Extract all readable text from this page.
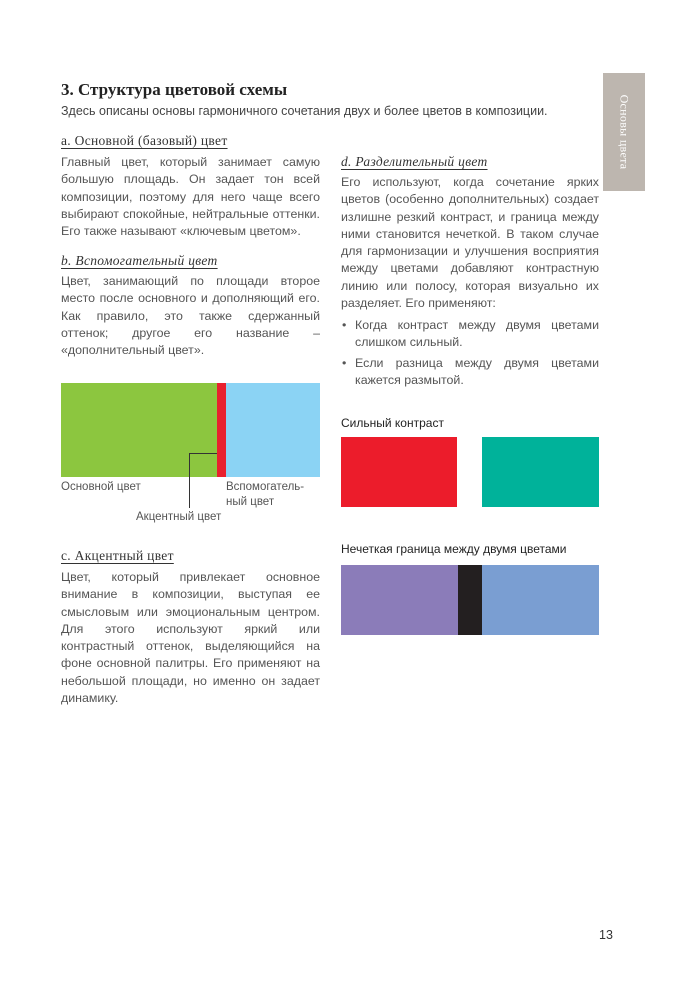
3. Структура цветовой схемы
Здесь описаны основы гармоничного сочетания двух и более цветов в композиции.	Основы цвета
a. Основной (базовый) цвет

Главный цвет, который занимает самую большую площадь. Он задает тон всей композиции, поэтому для него чаще всего выбирают спокойные, нейтральные оттенки. Его также называют «ключевым цветом».

b. Вспомогательный цвет

Цвет, занимающий по площади второе место после основного и дополняющий его. Как правило, это также сдержанный оттенок; другое его название – «дополнительный цвет».

Основной цвет	Вспомогатель-
ный цвет
Акцентный цвет
c. Акцентный цвет

Цвет, который привлекает основное внимание в композиции, выступая ее смысловым или эмоциональным центром. Для этого используют яркий или контрастный оттенок, выделяющийся на фоне основной палитры. Его применяют на небольшой площади, но именно он задает динамику.

d. Разделительный цвет

Его используют, когда сочетание ярких цветов (особенно дополнительных) создает излишне резкий контраст, и граница между ними становится нечеткой. В таком случае для гармонизации и улучшения восприятия между цветами добавляют контрастную линию или полосу, которая визуально их разделяет. Его применяют:

• Когда контраст между двумя цветами слишком сильный.
• Если разница между двумя цветами кажется размытой.
Сильный контраст
Нечеткая граница между двумя цветами
13
